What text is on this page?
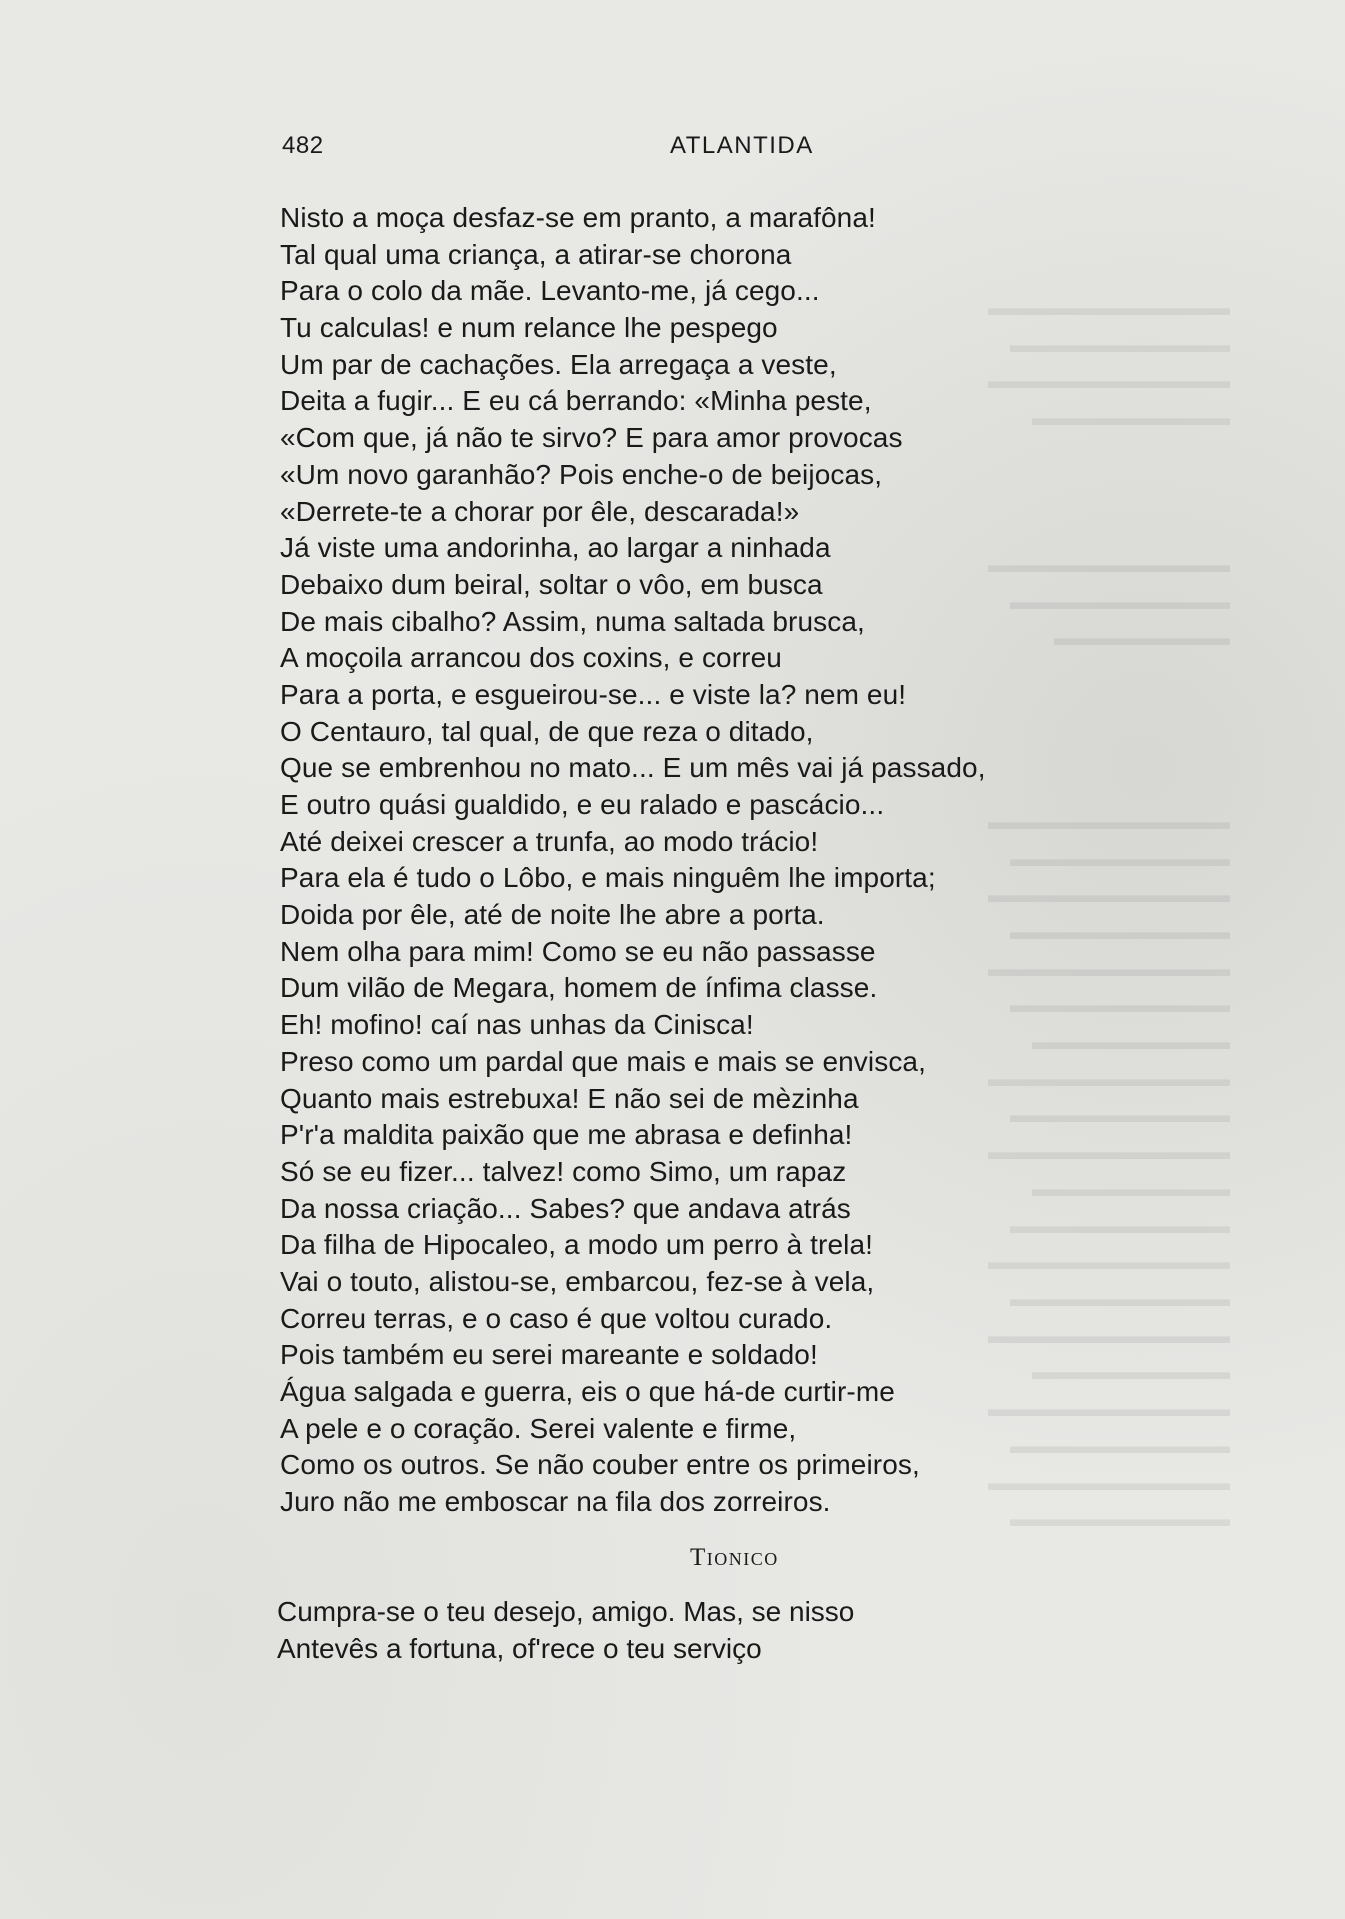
▬▬▬▬▬▬▬▬▬▬▬
▬▬▬▬▬▬▬▬▬▬
▬▬▬▬▬▬▬▬▬▬▬
▬▬▬▬▬▬▬▬▬

▬▬▬▬▬▬▬▬▬▬▬
▬▬▬▬▬▬▬▬▬▬
▬▬▬▬▬▬▬▬

▬▬▬▬▬▬▬▬▬▬▬
▬▬▬▬▬▬▬▬▬▬
▬▬▬▬▬▬▬▬▬▬▬
▬▬▬▬▬▬▬▬▬▬
▬▬▬▬▬▬▬▬▬▬▬
▬▬▬▬▬▬▬▬▬▬
▬▬▬▬▬▬▬▬▬
▬▬▬▬▬▬▬▬▬▬▬
▬▬▬▬▬▬▬▬▬▬
▬▬▬▬▬▬▬▬▬▬▬
▬▬▬▬▬▬▬▬▬
▬▬▬▬▬▬▬▬▬▬
▬▬▬▬▬▬▬▬▬▬▬
▬▬▬▬▬▬▬▬▬▬
▬▬▬▬▬▬▬▬▬▬▬
▬▬▬▬▬▬▬▬▬
▬▬▬▬▬▬▬▬▬▬▬
▬▬▬▬▬▬▬▬▬▬
▬▬▬▬▬▬▬▬▬▬▬
▬▬▬▬▬▬▬▬▬▬
482	ATLANTIDA
Nisto a moça desfaz-se em pranto, a marafôna!
Tal qual uma criança, a atirar-se chorona
Para o colo da mãe. Levanto-me, já cego...
Tu calculas! e num relance lhe pespego
Um par de cachações. Ela arregaça a veste,
Deita a fugir... E eu cá berrando: «Minha peste,
«Com que, já não te sirvo? E para amor provocas
«Um novo garanhão? Pois enche-o de beijocas,
«Derrete-te a chorar por êle, descarada!»
Já viste uma andorinha, ao largar a ninhada
Debaixo dum beiral, soltar o vôo, em busca
De mais cibalho? Assim, numa saltada brusca,
A moçoila arrancou dos coxins, e correu
Para a porta, e esgueirou-se... e viste la? nem eu!
O Centauro, tal qual, de que reza o ditado,
Que se embrenhou no mato... E um mês vai já passado,
E outro quási gualdido, e eu ralado e pascácio...
Até deixei crescer a trunfa, ao modo trácio!
Para ela é tudo o Lôbo, e mais ninguêm lhe importa;
Doida por êle, até de noite lhe abre a porta.
Nem olha para mim! Como se eu não passasse
Dum vilão de Megara, homem de ínfima classe.
Eh! mofino! caí nas unhas da Cinisca!
Preso como um pardal que mais e mais se envisca,
Quanto mais estrebuxa! E não sei de mèzinha
P'r'a maldita paixão que me abrasa e definha!
Só se eu fizer... talvez! como Simo, um rapaz
Da nossa criação... Sabes? que andava atrás
Da filha de Hipocaleo, a modo um perro à trela!
Vai o touto, alistou-se, embarcou, fez-se à vela,
Correu terras, e o caso é que voltou curado.
Pois também eu serei mareante e soldado!
Água salgada e guerra, eis o que há-de curtir-me
A pele e o coração. Serei valente e firme,
Como os outros. Se não couber entre os primeiros,
Juro não me emboscar na fila dos zorreiros.
Tionico
Cumpra-se o teu desejo, amigo. Mas, se nisso
Antevês a fortuna, of'rece o teu serviço
